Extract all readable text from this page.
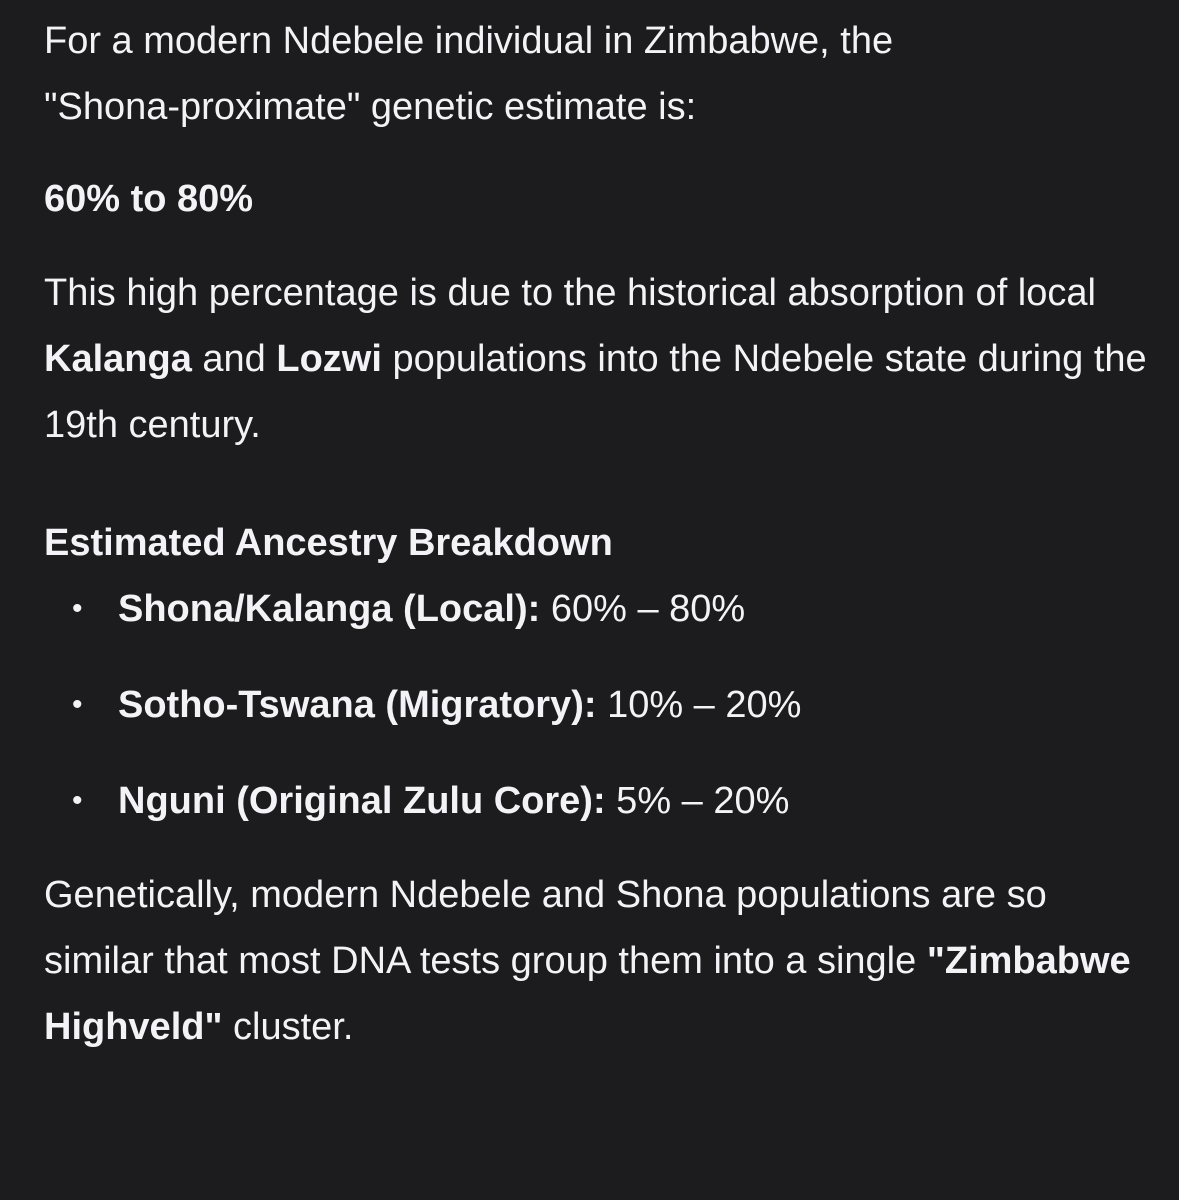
For a modern Ndebele individual in Zimbabwe, the
"Shona-proximate" genetic estimate is:

60% to 80%

This high percentage is due to the historical absorption of local Kalanga and Lozwi populations into the Ndebele state during the 19th century.

Estimated Ancestry Breakdown
• Shona/Kalanga (Local): 60% – 80%
• Sotho-Tswana (Migratory): 10% – 20%
• Nguni (Original Zulu Core): 5% – 20%

Genetically, modern Ndebele and Shona populations are so similar that most DNA tests group them into a single "Zimbabwe Highveld" cluster.
